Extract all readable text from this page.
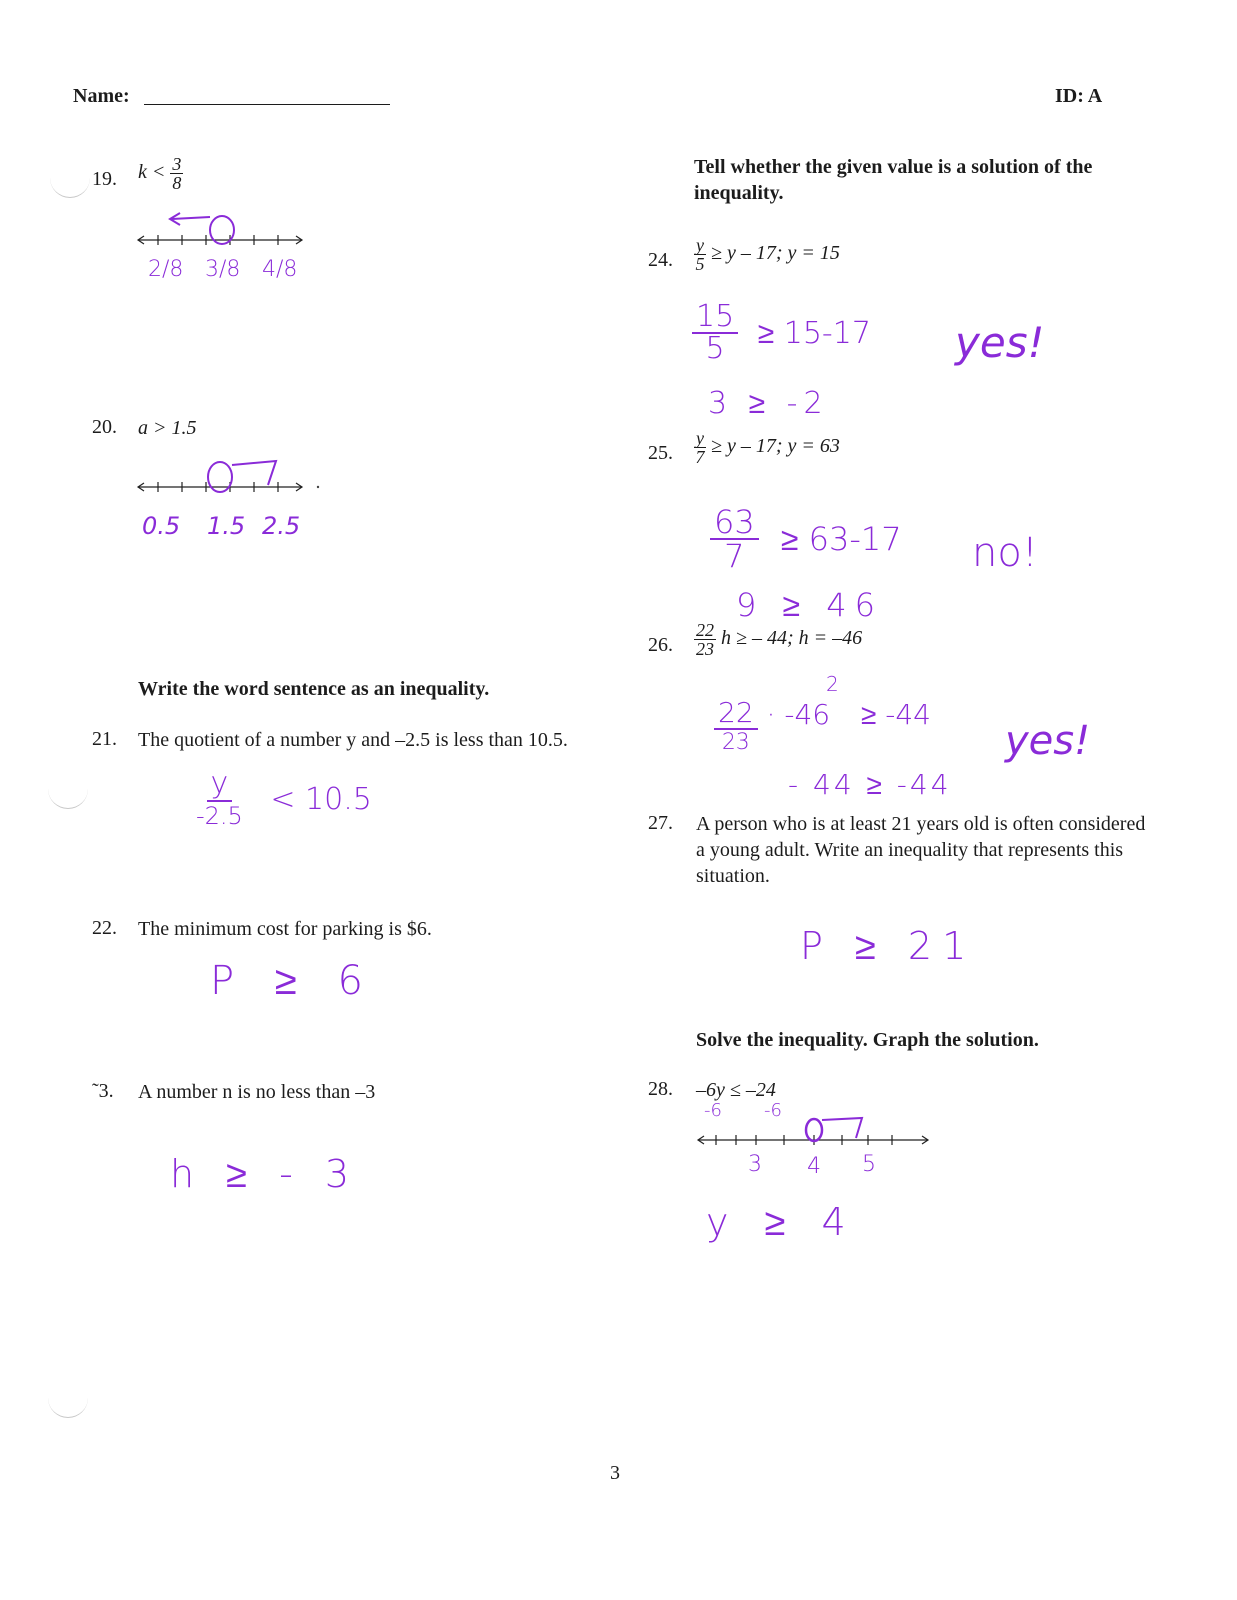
Name:	ID: A
19. $k < \frac{3}{8}$
2/8 3/8 4/8
20. a > 1.5
0.5 1.5 2.5
Write the word sentence as an inequality.
21. The quotient of a number y and –2.5 is less than 10.5.
y
-2.5 < 10.5
22. The minimum cost for parking is $6.
P ≥ 6
˜3. A number n is no less than –3
h ≥ - 3
Tell whether the given value is a solution of the inequality.
24. $\frac{y}{5} \ge y - 17$; y = 15
$\frac{15}{5} \ge 15-17$
3 ≥ -2
yes!
25. $\frac{y}{7} \ge y - 17$; y = 63
$\frac{63}{7} \ge 63-17$
9 ≥ 46
no!
26. $\frac{22}{23}$ h ≥ – 44; h = –46
2
22
23
· -46 ≥ -44
- 44 ≥ -44
yes!
27. A person who is at least 21 years old is often considered a young adult. Write an inequality that represents this situation.
P ≥ 21
Solve the inequality. Graph the solution.
28. –6y ≤ –24
-6 -6
3 4 5
y ≥ 4
3
